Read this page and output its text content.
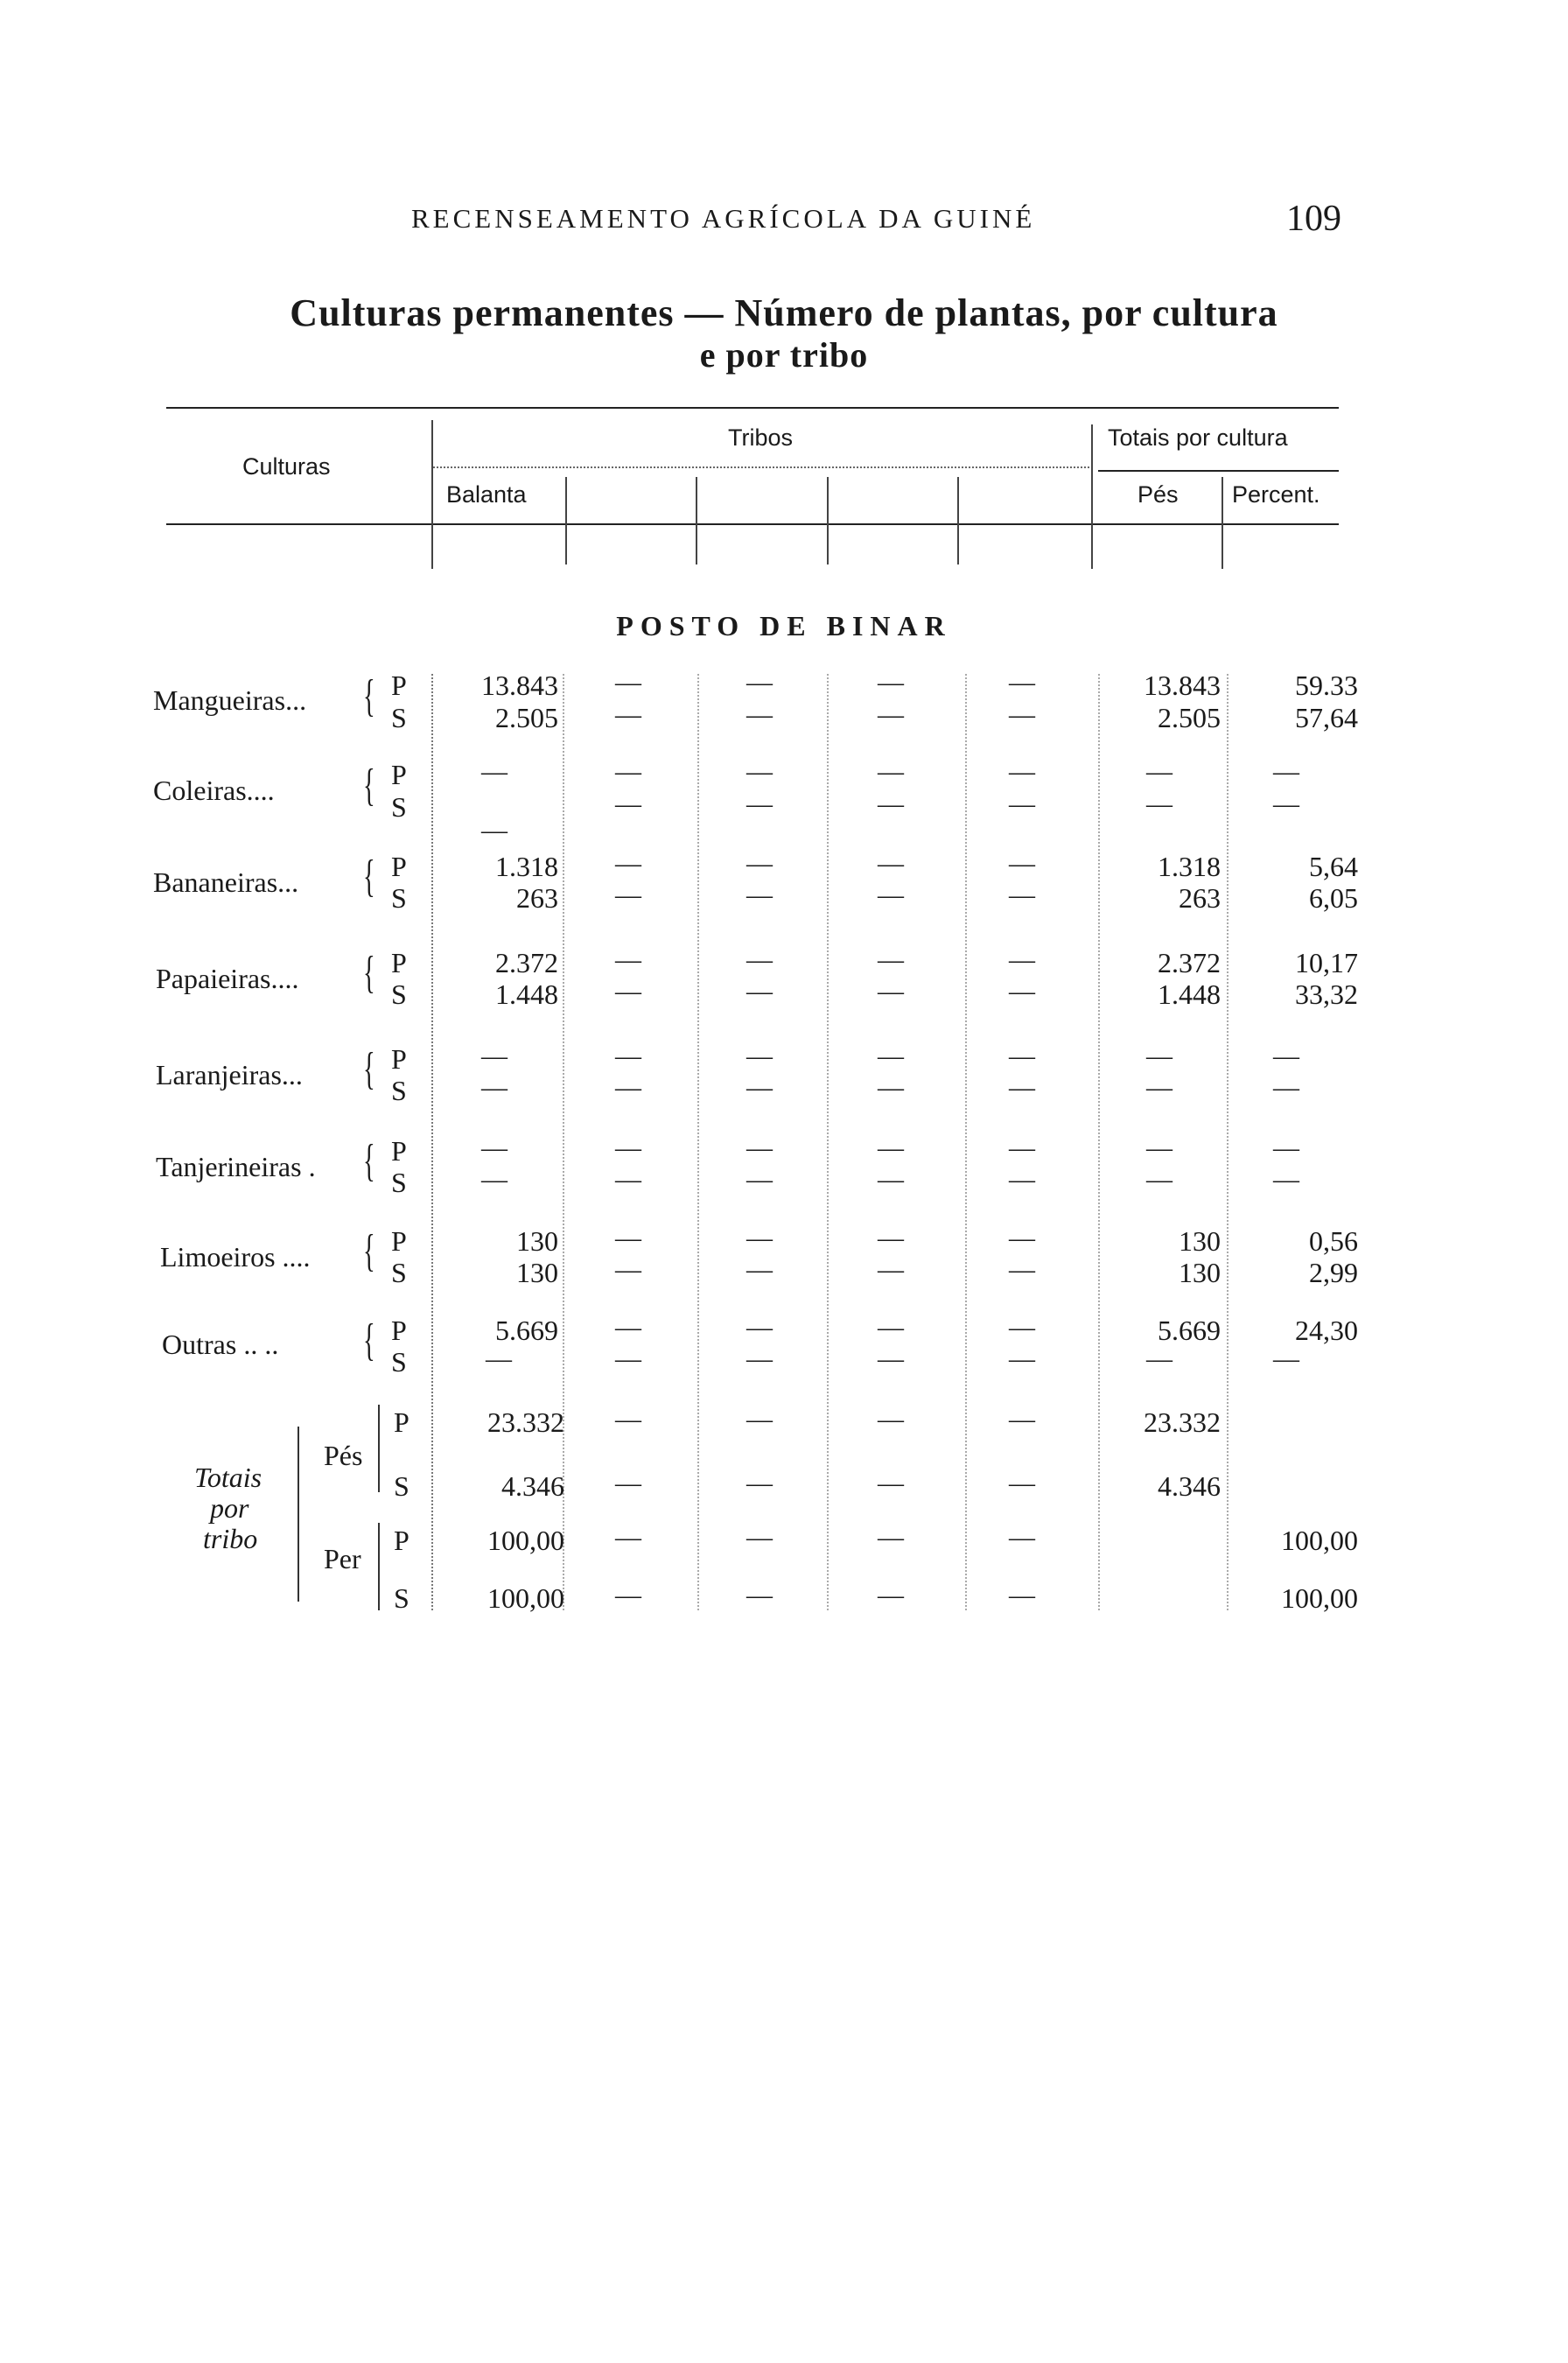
RECENSEAMENTO AGRÍCOLA DA GUINÉ	109
Culturas permanentes — Número de plantas, por cultura
e por tribo
Culturas
Tribos
Balanta
Totais por cultura
Pés Percent.
POSTO DE BINAR
Mangueiras... { P
S
13.843
2.505
—
—
—
—
—
—
—
—
13.843
2.505
59.33
57,64
Coleiras.... { P
S
—
—
—
—
—
—
—
—
—
—
—
—
—
—
Bananeiras... { P
S
1.318
263
—
—
—
—
—
—
—
—
1.318
263
5,64
6,05
Papaieiras.... { P
S
2.372
1.448
—
—
—
—
—
—
—
—
2.372
1.448
10,17
33,32
Laranjeiras... { P
S
—
—
—
—
—
—
—
—
—
—
—
—
—
—
Tanjerineiras . { P
S
—
—
—
—
—
—
—
—
—
—
—
—
—
—
Limoeiros .... { P
S
130
130
—
—
—
—
—
—
—
—
130
130
0,56
2,99
Outras .. .. { P
S
5.669
—
—
—
—
—
—
—
—
—
5.669
—
24,30
—
Totais
por
tribo
Pés
Per
P
S
P
S
23.332
4.346
100,00
100,00
—
—
—
—
—
—
—
—
—
—
—
—
—
—
—
—
23.332
4.346
100,00
100,00
